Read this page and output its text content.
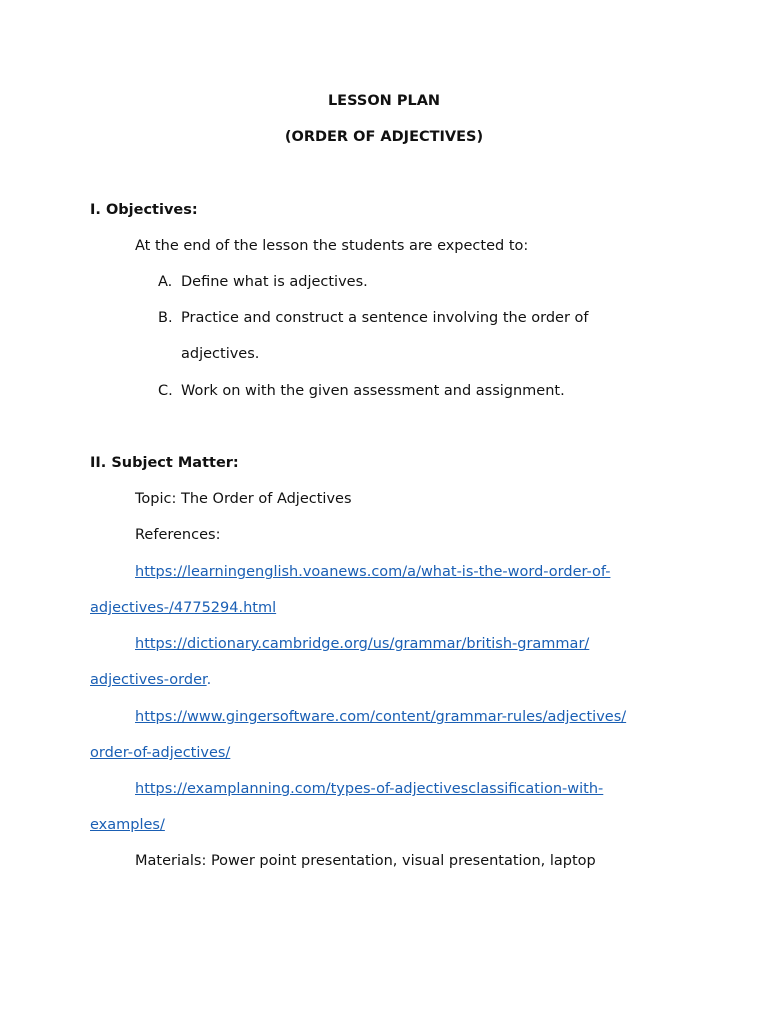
LESSON PLAN
(ORDER OF ADJECTIVES)
I. Objectives:
At the end of the lesson the students are expected to:
A. Define what is adjectives.
B. Practice and construct a sentence involving the order of
adjectives.
C. Work on with the given assessment and assignment.
II. Subject Matter:
Topic: The Order of Adjectives
References:
https://learningenglish.voanews.com/a/what-is-the-word-order-of-
adjectives-/4775294.html
https://dictionary.cambridge.org/us/grammar/british-grammar/
adjectives-order.
https://www.gingersoftware.com/content/grammar-rules/adjectives/
order-of-adjectives/
https://examplanning.com/types-of-adjectivesclassification-with-
examples/
Materials: Power point presentation, visual presentation, laptop
